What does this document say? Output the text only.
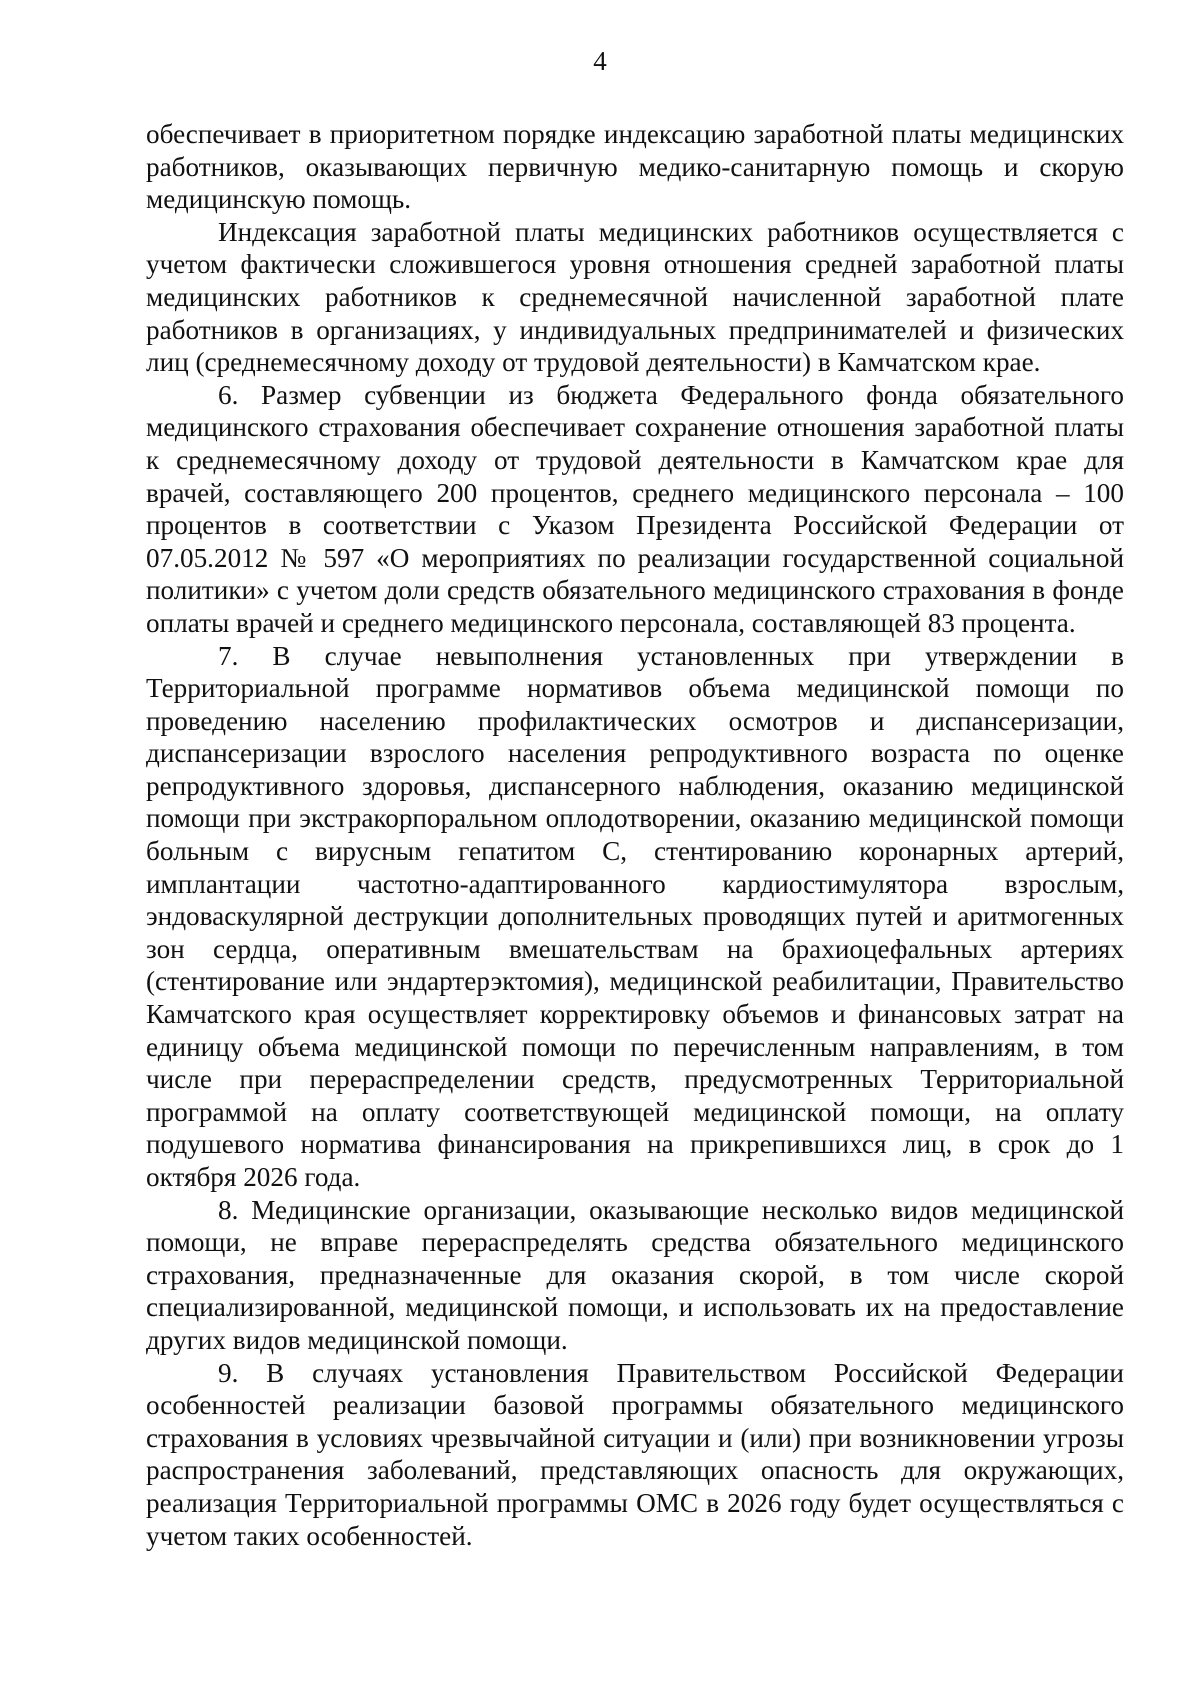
4

обеспечивает в приоритетном порядке индексацию заработной платы медицинских работников, оказывающих первичную медико-санитарную помощь и скорую медицинскую помощь.

Индексация заработной платы медицинских работников осуществляется с учетом фактически сложившегося уровня отношения средней заработной платы медицинских работников к среднемесячной начисленной заработной плате работников в организациях, у индивидуальных предпринимателей и физических лиц (среднемесячному доходу от трудовой деятельности) в Камчатском крае.

6. Размер субвенции из бюджета Федерального фонда обязательного медицинского страхования обеспечивает сохранение отношения заработной платы к среднемесячному доходу от трудовой деятельности в Камчатском крае для врачей, составляющего 200 процентов, среднего медицинского персонала – 100 процентов в соответствии с Указом Президента Российской Федерации от 07.05.2012 № 597 «О мероприятиях по реализации государственной социальной политики» с учетом доли средств обязательного медицинского страхования в фонде оплаты врачей и среднего медицинского персонала, составляющей 83 процента.

7. В случае невыполнения установленных при утверждении в Территориальной программе нормативов объема медицинской помощи по проведению населению профилактических осмотров и диспансеризации, диспансеризации взрослого населения репродуктивного возраста по оценке репродуктивного здоровья, диспансерного наблюдения, оказанию медицинской помощи при экстракорпоральном оплодотворении, оказанию медицинской помощи больным с вирусным гепатитом С, стентированию коронарных артерий, имплантации частотно-адаптированного кардиостимулятора взрослым, эндоваскулярной деструкции дополнительных проводящих путей и аритмогенных зон сердца, оперативным вмешательствам на брахиоцефальных артериях (стентирование или эндартерэктомия), медицинской реабилитации, Правительство Камчатского края осуществляет корректировку объемов и финансовых затрат на единицу объема медицинской помощи по перечисленным направлениям, в том числе при перераспределении средств, предусмотренных Территориальной программой на оплату соответствующей медицинской помощи, на оплату подушевого норматива финансирования на прикрепившихся лиц, в срок до 1 октября 2026 года.

8. Медицинские организации, оказывающие несколько видов медицинской помощи, не вправе перераспределять средства обязательного медицинского страхования, предназначенные для оказания скорой, в том числе скорой специализированной, медицинской помощи, и использовать их на предоставление других видов медицинской помощи.

9. В случаях установления Правительством Российской Федерации особенностей реализации базовой программы обязательного медицинского страхования в условиях чрезвычайной ситуации и (или) при возникновении угрозы распространения заболеваний, представляющих опасность для окружающих, реализация Территориальной программы ОМС в 2026 году будет осуществляться с учетом таких особенностей.
